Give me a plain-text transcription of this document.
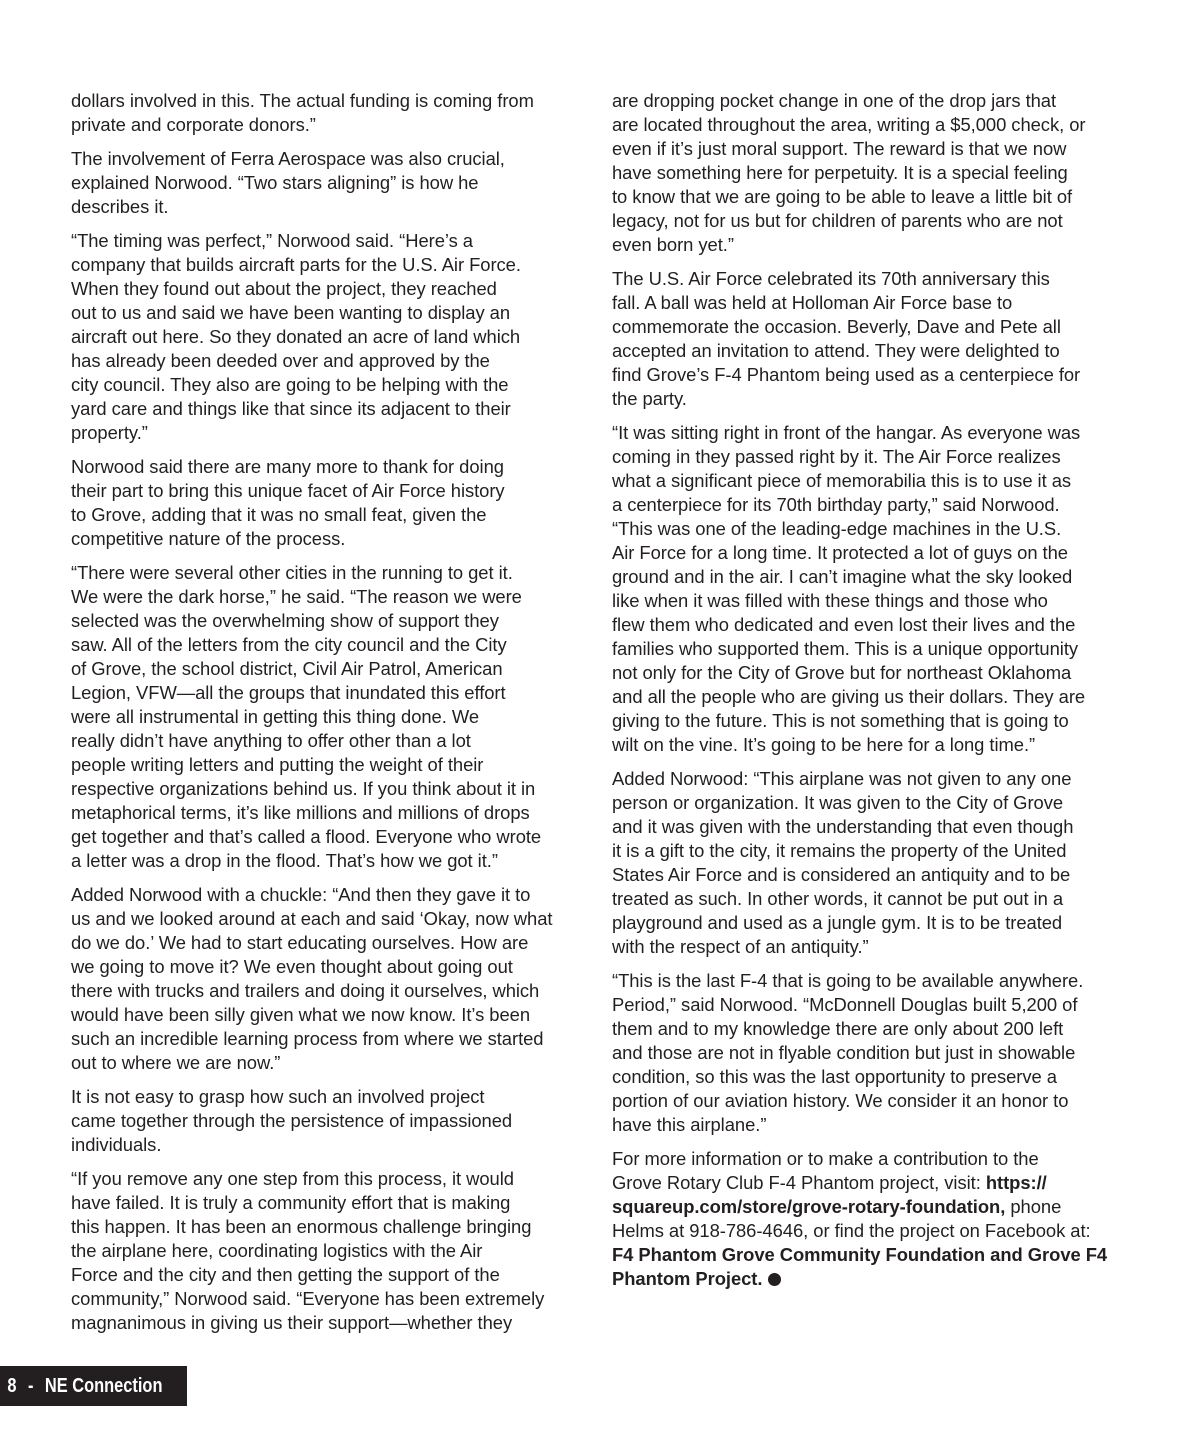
dollars involved in this. The actual funding is coming from
private and corporate donors.”

The involvement of Ferra Aerospace was also crucial,
explained Norwood. “Two stars aligning” is how he
describes it.

“The timing was perfect,” Norwood said. “Here’s a
company that builds aircraft parts for the U.S. Air Force.
When they found out about the project, they reached
out to us and said we have been wanting to display an
aircraft out here. So they donated an acre of land which
has already been deeded over and approved by the
city council. They also are going to be helping with the
yard care and things like that since its adjacent to their
property.”

Norwood said there are many more to thank for doing
their part to bring this unique facet of Air Force history
to Grove, adding that it was no small feat, given the
competitive nature of the process.

“There were several other cities in the running to get it.
We were the dark horse,” he said. “The reason we were
selected was the overwhelming show of support they
saw. All of the letters from the city council and the City
of Grove, the school district, Civil Air Patrol, American
Legion, VFW—all the groups that inundated this effort
were all instrumental in getting this thing done. We
really didn’t have anything to offer other than a lot
people writing letters and putting the weight of their
respective organizations behind us. If you think about it in
metaphorical terms, it’s like millions and millions of drops
get together and that’s called a flood. Everyone who wrote
a letter was a drop in the flood. That’s how we got it.”

Added Norwood with a chuckle: “And then they gave it to
us and we looked around at each and said ‘Okay, now what
do we do.’ We had to start educating ourselves. How are
we going to move it? We even thought about going out
there with trucks and trailers and doing it ourselves, which
would have been silly given what we now know. It’s been
such an incredible learning process from where we started
out to where we are now.”

It is not easy to grasp how such an involved project
came together through the persistence of impassioned
individuals.

“If you remove any one step from this process, it would
have failed. It is truly a community effort that is making
this happen. It has been an enormous challenge bringing
the airplane here, coordinating logistics with the Air
Force and the city and then getting the support of the
community,” Norwood said. “Everyone has been extremely
magnanimous in giving us their support—whether they

are dropping pocket change in one of the drop jars that
are located throughout the area, writing a $5,000 check, or
even if it’s just moral support. The reward is that we now
have something here for perpetuity. It is a special feeling
to know that we are going to be able to leave a little bit of
legacy, not for us but for children of parents who are not
even born yet.”

The U.S. Air Force celebrated its 70th anniversary this
fall. A ball was held at Holloman Air Force base to
commemorate the occasion. Beverly, Dave and Pete all
accepted an invitation to attend. They were delighted to
find Grove’s F-4 Phantom being used as a centerpiece for
the party.

“It was sitting right in front of the hangar. As everyone was
coming in they passed right by it. The Air Force realizes
what a significant piece of memorabilia this is to use it as
a centerpiece for its 70th birthday party,” said Norwood.
“This was one of the leading-edge machines in the U.S.
Air Force for a long time. It protected a lot of guys on the
ground and in the air. I can’t imagine what the sky looked
like when it was filled with these things and those who
flew them who dedicated and even lost their lives and the
families who supported them. This is a unique opportunity
not only for the City of Grove but for northeast Oklahoma
and all the people who are giving us their dollars. They are
giving to the future. This is not something that is going to
wilt on the vine. It’s going to be here for a long time.”

Added Norwood: “This airplane was not given to any one
person or organization. It was given to the City of Grove
and it was given with the understanding that even though
it is a gift to the city, it remains the property of the United
States Air Force and is considered an antiquity and to be
treated as such. In other words, it cannot be put out in a
playground and used as a jungle gym. It is to be treated
with the respect of an antiquity.”

“This is the last F-4 that is going to be available anywhere.
Period,” said Norwood. “McDonnell Douglas built 5,200 of
them and to my knowledge there are only about 200 left
and those are not in flyable condition but just in showable
condition, so this was the last opportunity to preserve a
portion of our aviation history. We consider it an honor to
have this airplane.”

For more information or to make a contribution to the
Grove Rotary Club F-4 Phantom project, visit: https://
squareup.com/store/grove-rotary-foundation, phone
Helms at 918-786-4646, or find the project on Facebook at:
F4 Phantom Grove Community Foundation and Grove F4
Phantom Project.

8 - NE Connection
